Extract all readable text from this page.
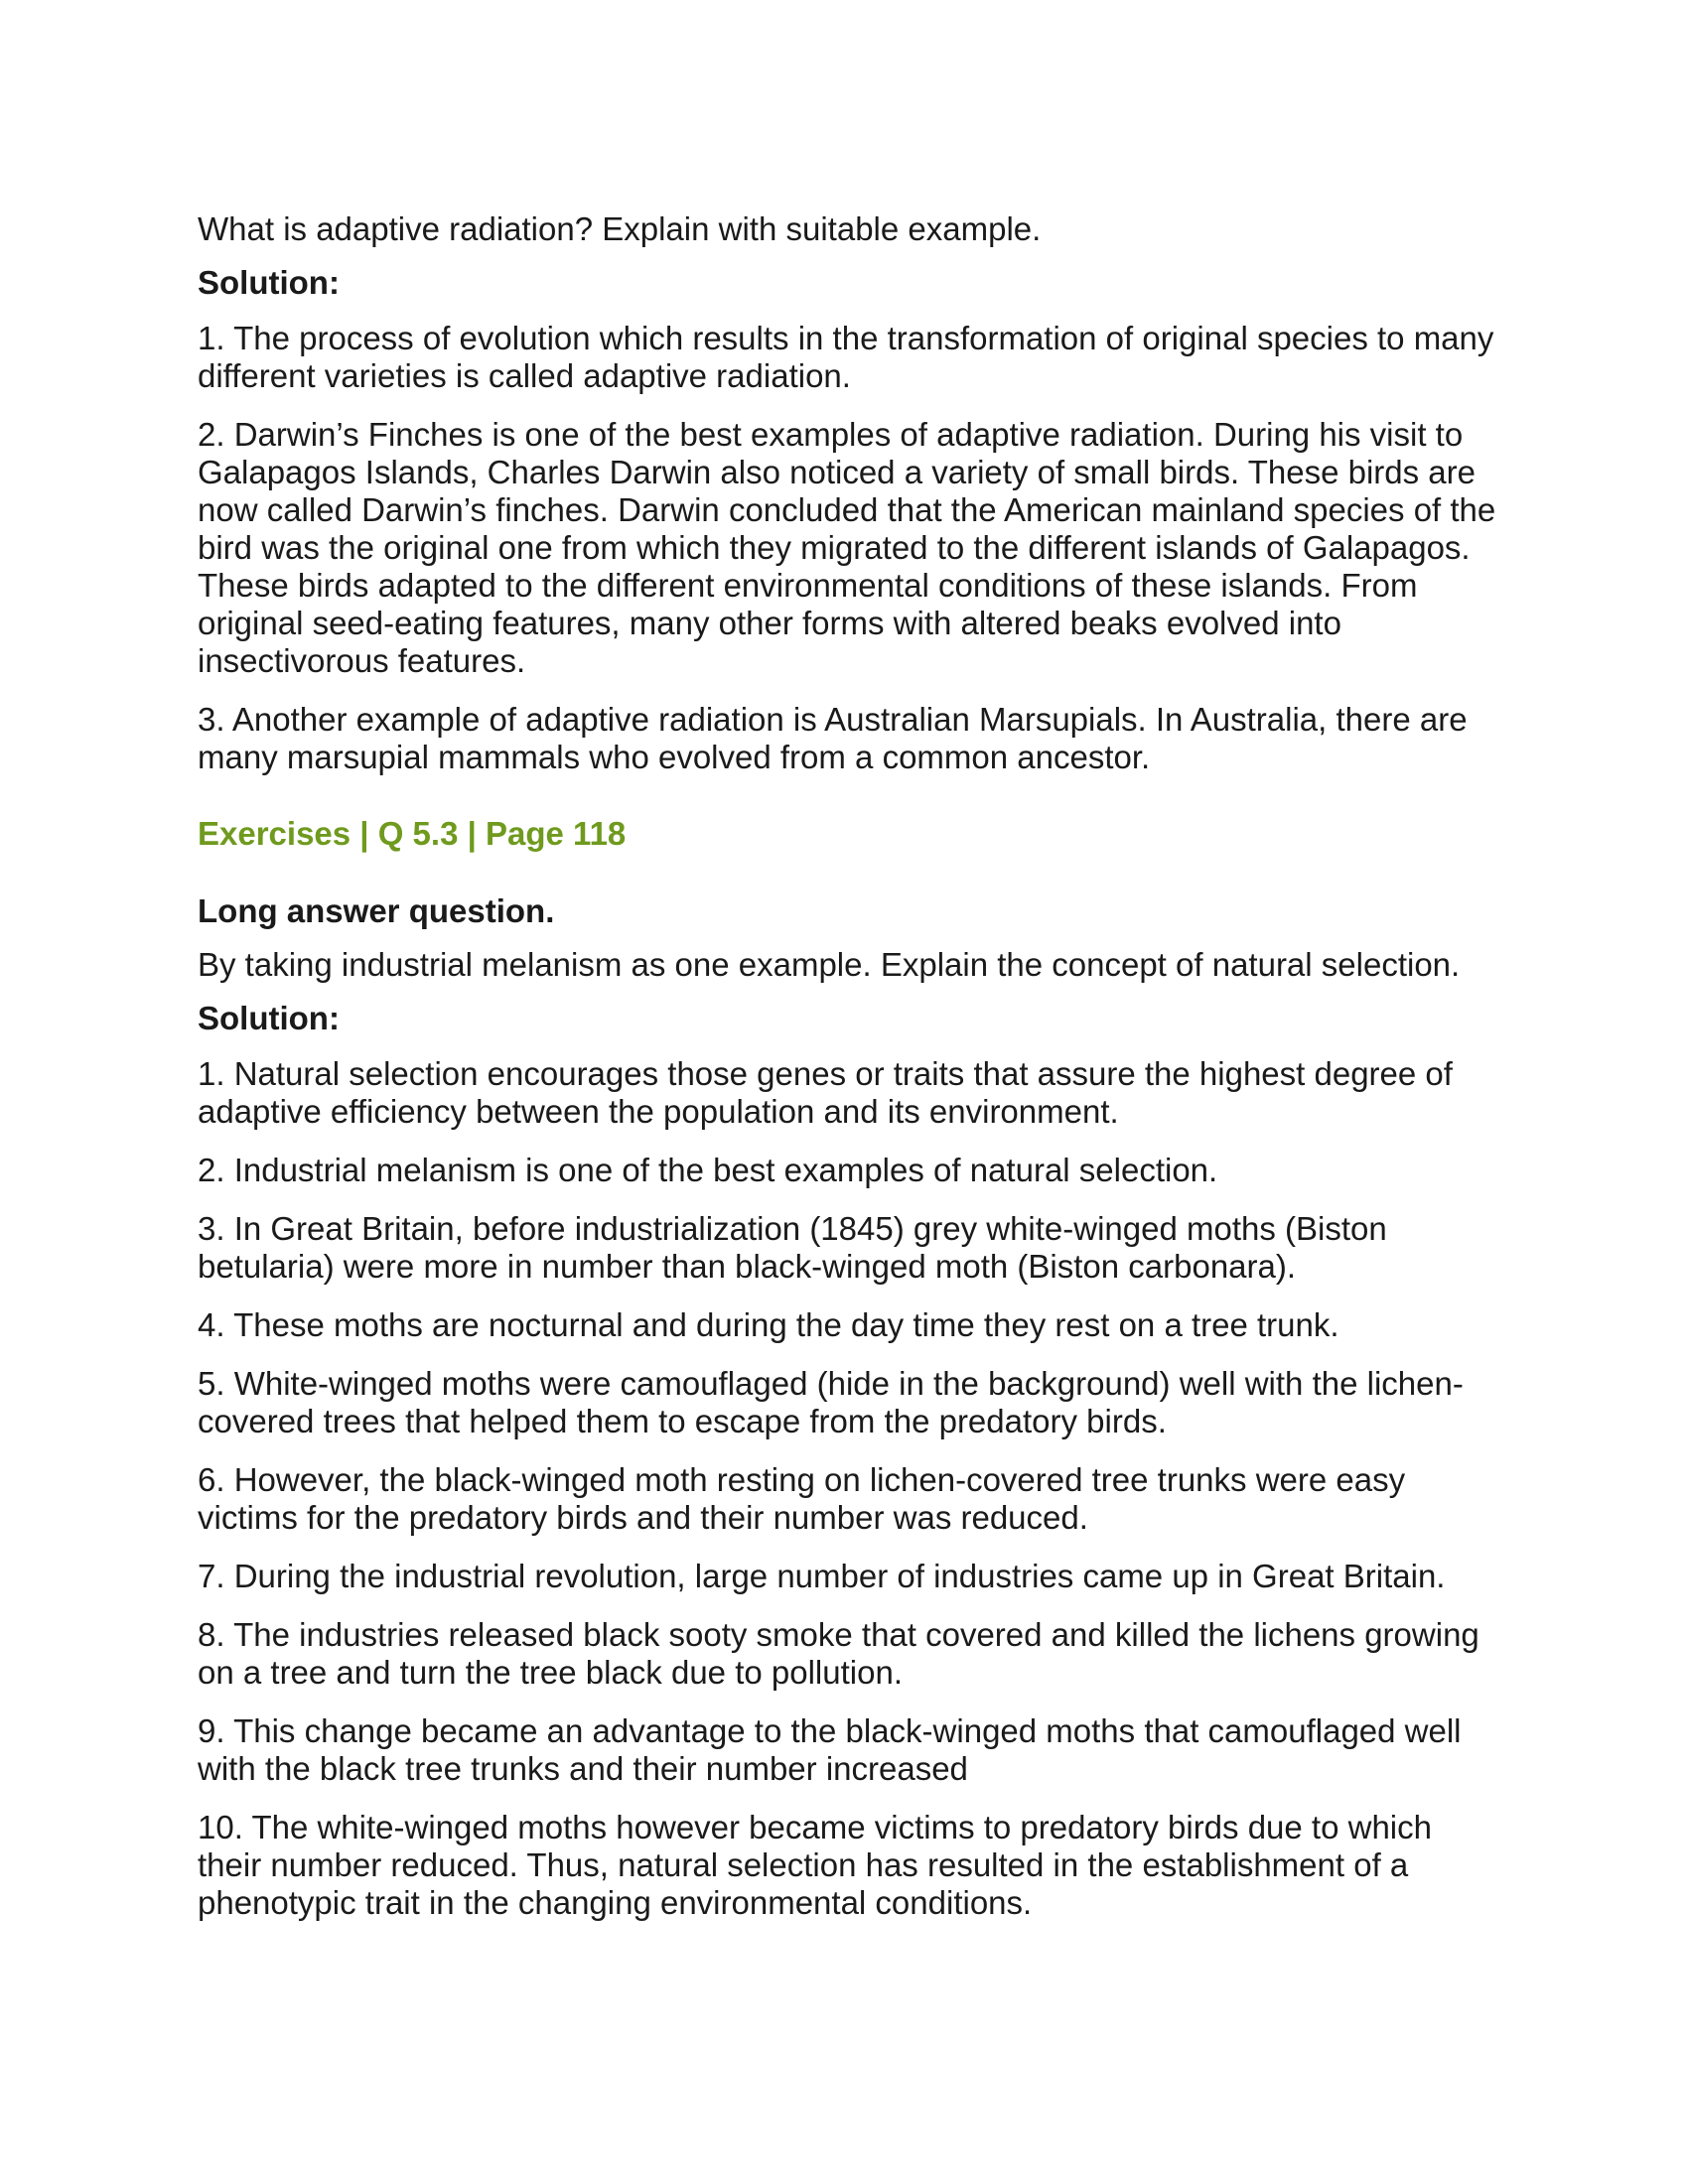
What is adaptive radiation? Explain with suitable example.

Solution:

1. The process of evolution which results in the transformation of original species to many different varieties is called adaptive radiation.

2. Darwin’s Finches is one of the best examples of adaptive radiation. During his visit to Galapagos Islands, Charles Darwin also noticed a variety of small birds. These birds are now called Darwin’s finches. Darwin concluded that the American mainland species of the bird was the original one from which they migrated to the different islands of Galapagos. These birds adapted to the different environmental conditions of these islands. From original seed-eating features, many other forms with altered beaks evolved into insectivorous features.

3. Another example of adaptive radiation is Australian Marsupials. In Australia, there are many marsupial mammals who evolved from a common ancestor.

Exercises | Q 5.3 | Page 118

Long answer question.

By taking industrial melanism as one example. Explain the concept of natural selection.

Solution:

1. Natural selection encourages those genes or traits that assure the highest degree of adaptive efficiency between the population and its environment.

2. Industrial melanism is one of the best examples of natural selection.

3. In Great Britain, before industrialization (1845) grey white-winged moths (Biston betularia) were more in number than black-winged moth (Biston carbonara).

4. These moths are nocturnal and during the day time they rest on a tree trunk.

5. White-winged moths were camouflaged (hide in the background) well with the lichen-covered trees that helped them to escape from the predatory birds.

6. However, the black-winged moth resting on lichen-covered tree trunks were easy victims for the predatory birds and their number was reduced.

7. During the industrial revolution, large number of industries came up in Great Britain.

8. The industries released black sooty smoke that covered and killed the lichens growing on a tree and turn the tree black due to pollution.

9. This change became an advantage to the black-winged moths that camouflaged well with the black tree trunks and their number increased

10. The white-winged moths however became victims to predatory birds due to which their number reduced. Thus, natural selection has resulted in the establishment of a phenotypic trait in the changing environmental conditions.
